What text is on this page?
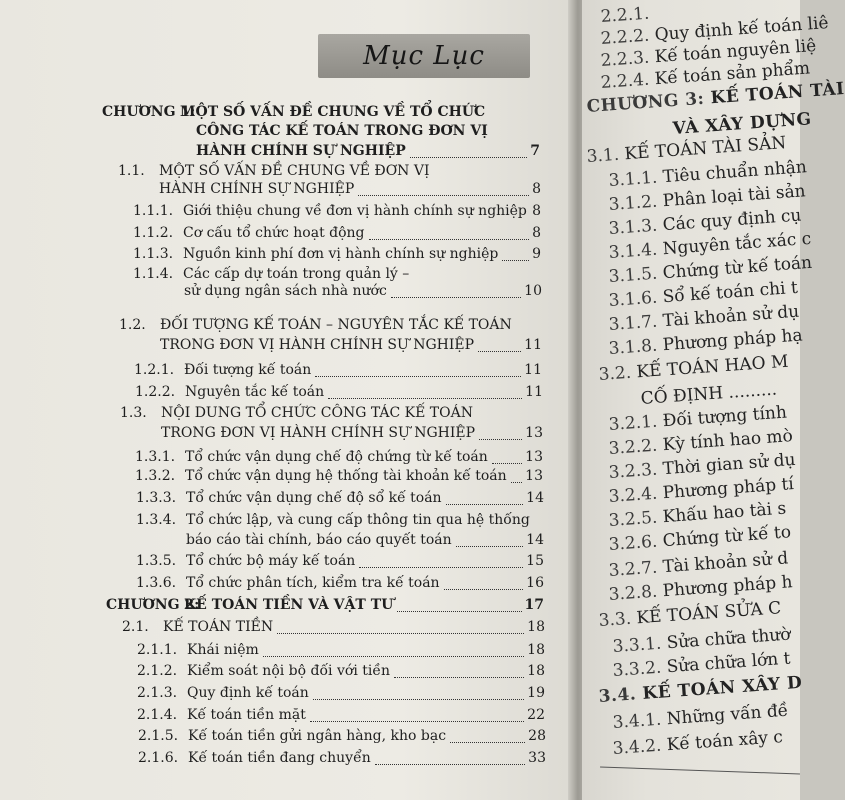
Mục Lục
CHƯƠNG 1:
MỘT SỐ VẤN ĐỀ CHUNG VỀ TỔ CHỨC
CÔNG TÁC KẾ TOÁN TRONG ĐƠN VỊ
HÀNH CHÍNH SỰ NGHIỆP	7
1.1. MỘT SỐ VẤN ĐỀ CHUNG VỀ ĐƠN VỊ
HÀNH CHÍNH SỰ NGHIỆP	8
1.1.1. Giới thiệu chung về đơn vị hành chính sự nghiệp 8
1.1.2. Cơ cấu tổ chức hoạt động	8
1.1.3. Nguồn kinh phí đơn vị hành chính sự nghiệp	9
1.1.4. Các cấp dự toán trong quản lý –
sử dụng ngân sách nhà nước	10
1.2. ĐỐI TƯỢNG KẾ TOÁN – NGUYÊN TẮC KẾ TOÁN
TRONG ĐƠN VỊ HÀNH CHÍNH SỰ NGHIỆP	11
1.2.1. Đối tượng kế toán	11
1.2.2. Nguyên tắc kế toán	11
1.3. NỘI DUNG TỔ CHỨC CÔNG TÁC KẾ TOÁN
TRONG ĐƠN VỊ HÀNH CHÍNH SỰ NGHIỆP	13
1.3.1. Tổ chức vận dụng chế độ chứng từ kế toán	13
1.3.2. Tổ chức vận dụng hệ thống tài khoản kế toán	13
1.3.3. Tổ chức vận dụng chế độ sổ kế toán	14
1.3.4. Tổ chức lập, và cung cấp thông tin qua hệ thống
báo cáo tài chính, báo cáo quyết toán	14
1.3.5. Tổ chức bộ máy kế toán	15
1.3.6. Tổ chức phân tích, kiểm tra kế toán	16
CHƯƠNG 2:
KẾ TOÁN TIỀN VÀ VẬT TƯ	17
2.1. KẾ TOÁN TIỀN	18
2.1.1. Khái niệm	18
2.1.2. Kiểm soát nội bộ đối với tiền	18
2.1.3. Quy định kế toán	19
2.1.4. Kế toán tiền mặt	22
2.1.5. Kế toán tiền gửi ngân hàng, kho bạc	28
2.1.6. Kế toán tiền đang chuyển	33
2.2.1.
2.2.2. Quy định kế toán liê
2.2.3. Kế toán nguyên liệ
2.2.4. Kế toán sản phẩm
CHƯƠNG 3: KẾ TOÁN TÀI
VÀ XÂY DỰNG
3.1. KẾ TOÁN TÀI SẢN
3.1.1. Tiêu chuẩn nhận
3.1.2. Phân loại tài sản
3.1.3. Các quy định cụ
3.1.4. Nguyên tắc xác c
3.1.5. Chứng từ kế toán
3.1.6. Sổ kế toán chi t
3.1.7. Tài khoản sử dụ
3.1.8. Phương pháp hạ
3.2. KẾ TOÁN HAO M
CỐ ĐỊNH .........
3.2.1. Đối tượng tính
3.2.2. Kỳ tính hao mò
3.2.3. Thời gian sử dụ
3.2.4. Phương pháp tí
3.2.5. Khấu hao tài s
3.2.6. Chứng từ kế to
3.2.7. Tài khoản sử d
3.2.8. Phương pháp h
3.3. KẾ TOÁN SỬA C
3.3.1. Sửa chữa thườ
3.3.2. Sửa chữa lớn t
3.4. KẾ TOÁN XÂY D
3.4.1. Những vấn đề
3.4.2. Kế toán xây c
